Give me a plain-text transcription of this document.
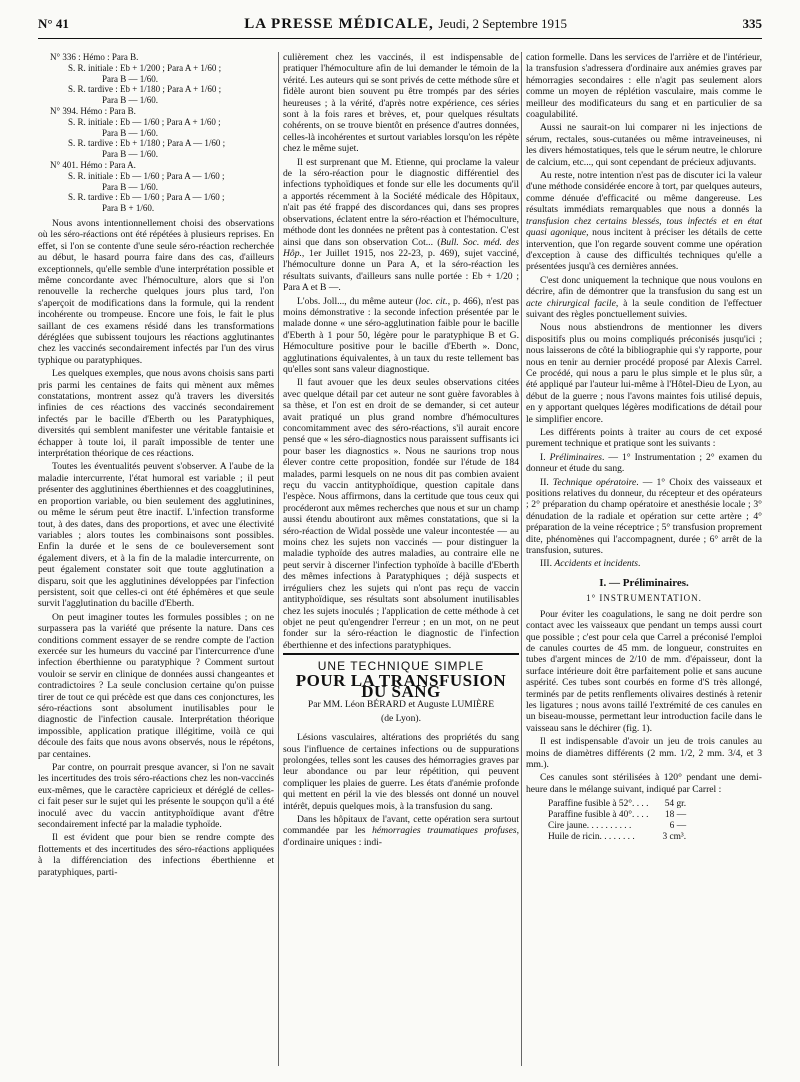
N° 41	LA PRESSE MÉDICALE, Jeudi, 2 Septembre 1915	335
N° 336 : Hémo : Para B.
S. R. initiale : Eb + 1/200 ; Para A + 1/60 ;
Para B — 1/60.
S. R. tardive : Eb + 1/180 ; Para A + 1/60 ;
Para B — 1/60.
N° 394. Hémo : Para B.
S. R. initiale : Eb — 1/60 ; Para A + 1/60 ;
Para B — 1/60.
S. R. tardive : Eb + 1/180 ; Para A — 1/60 ;
Para B — 1/60.
N° 401. Hémo : Para A.
S. R. initiale : Eb — 1/60 ; Para A — 1/60 ;
Para B — 1/60.
S. R. tardive : Eb — 1/60 ; Para A — 1/60 ;
Para B + 1/60.

Nous avons intentionnellement choisi des observations où les séro-réactions ont été répétées à plusieurs reprises. En effet, si l'on se contente d'une seule séro-réaction recherchée au début, le hasard pourra faire dans des cas, d'ailleurs exceptionnels, qu'elle semble d'une interprétation possible et même concordante avec l'hémoculture, alors que si l'on renouvelle la recherche quelques jours plus tard, l'on s'aperçoit de modifications dans la formule, qui la rendent incohérente ou trompeuse. Encore une fois, le fait le plus saillant de ces examens résidé dans les transformations déréglées que subissent toujours les réactions agglutinantes chez les vaccinés secondairement infectés par l'un des virus typhique ou paratyphiques.

Les quelques exemples, que nous avons choisis sans parti pris parmi les centaines de faits qui mènent aux mêmes constatations, montrent assez qu'à travers les diversités infinies de ces réactions des vaccinés secondairement infectés par le bacille d'Eberth ou les Paratyphiques, diversités qui semblent manifester une véritable fantaisie et échapper à toute loi, il paraît impossible de tenter une interprétation théorique de ces réactions.

Toutes les éventualités peuvent s'observer. A l'aube de la maladie intercurrente, l'état humoral est variable ; il peut présenter des agglutinines éberthiennes et des coagglutinines, en proportion variable, ou bien seulement des agglutinines, ou même le sérum peut être inactif. L'infection transforme tout, à des dates, dans des proportions, et avec une électivité variables ; alors toutes les combinaisons sont possibles. Enfin la durée et le sens de ce bouleversement sont également divers, et à la fin de la maladie intercurrente, on peut également constater soit que toute agglutination a disparu, soit que les agglutinines développées par l'infection persistent, soit que celles-ci ont été éphémères et que seule survit l'agglutination du bacille d'Eberth.

On peut imaginer toutes les formules possibles ; on ne surpassera pas la variété que présente la nature. Dans ces conditions comment essayer de se rendre compte de l'action exercée sur les humeurs du vacciné par l'intercurrence d'une infection éberthienne ou paratyphique ? Comment surtout vouloir se servir en clinique de données aussi changeantes et contradictoires ? La seule conclusion certaine qu'on puisse tirer de tout ce qui précède est que dans ces conjonctures, les séro-réactions sont absolument inutilisables pour le diagnostic de l'infection causale. Interprétation théorique impossible, application pratique illégitime, voilà ce qui découle des faits que nous avons observés, nous le répétons, par centaines.

Par contre, on pourrait presque avancer, si l'on ne savait les incertitudes des trois séro-réactions chez les non-vaccinés eux-mêmes, que le caractère capricieux et déréglé de celles-ci fait peser sur le sujet qui les présente le soupçon qu'il a été inoculé avec du vaccin antityphoïdique avant d'être secondairement infecté par la maladie typhoïde.

Il est évident que pour bien se rendre compte des flottements et des incertitudes des séro-réactions appliquées à la différenciation des infections éberthienne et paratyphiques, parti-

culièrement chez les vaccinés, il est indispensable de pratiquer l'hémoculture afin de lui demander le témoin de la vérité. Les auteurs qui se sont privés de cette méthode sûre et fidèle auront bien souvent pu être trompés par des séries heureuses ; à la vérité, d'après notre expérience, ces séries sont à la fois rares et brèves, et, pour quelques résultats cohérents, on se trouve bientôt en présence d'autres données, celles-là incohérentes et surtout variables lorsqu'on les répète chez le même sujet.

Il est surprenant que M. Etienne, qui proclame la valeur de la séro-réaction pour le diagnostic différentiel des infections typhoïdiques et fonde sur elle les documents qu'il a apportés récemment à la Société médicale des Hôpitaux, n'ait pas été frappé des discordances qui, dans ses propres observations, éclatent entre la séro-réaction et l'hémoculture, méthode dont les données ne prêtent pas à contestation. C'est ainsi que dans son observation Cot... (Bull. Soc. méd. des Hôp., 1er Juillet 1915, nos 22-23, p. 469), sujet vacciné, l'hémoculture donne un Para A, et la séro-réaction les résultats suivants, d'ailleurs sans nulle portée : Eb + 1/20 ; Para A et B —.

L'obs. Joll..., du même auteur (loc. cit., p. 466), n'est pas moins démonstrative : la seconde infection présentée par le malade donne « une séro-agglutination faible pour le bacille d'Eberth à 1 pour 50, légère pour le paratyphique B et G. Hémoculture positive pour le bacille d'Eberth ». Donc, agglutinations équivalentes, à un taux du reste tellement bas qu'elles sont sans valeur diagnostique.

Il faut avouer que les deux seules observations citées avec quelque détail par cet auteur ne sont guère favorables à sa thèse, et l'on est en droit de se demander, si cet auteur avait pratiqué un plus grand nombre d'hémocultures concomitamment avec des séro-réactions, s'il aurait encore pensé que « les séro-diagnostics nous paraissent suffisants ici pour baser les diagnostics ». Nous ne saurions trop nous élever contre cette proposition, fondée sur l'étude de 184 malades, parmi lesquels on ne nous dit pas combien avaient reçu du vaccin antityphoïdique, question capitale dans l'espèce. Nous affirmons, dans la certitude que tous ceux qui procéderont aux mêmes recherches que nous et sur un champ aussi étendu aboutiront aux mêmes constatations, que si la séro-réaction de Widal possède une valeur incontestée — au moins chez les sujets non vaccinés — pour distinguer la maladie typhoïde des autres maladies, au contraire elle ne peut servir à discerner l'infection typhoïde à bacille d'Eberth des mêmes infections à Paratyphiques ; déjà suspects et irréguliers chez les sujets qui n'ont pas reçu de vaccin antityphoïdique, ses résultats sont absolument inutilisables chez les sujets inoculés ; l'application de cette méthode à cet objet ne peut qu'engendrer l'erreur ; en un mot, on ne peut fonder sur la séro-réaction le diagnostic de l'infection éberthienne et des infections paratyphiques.

UNE TECHNIQUE SIMPLE
POUR LA TRANSFUSION DU SANG
Par MM. Léon BÉRARD et Auguste LUMIÈRE
(de Lyon).

Lésions vasculaires, altérations des propriétés du sang sous l'influence de certaines infections ou de suppurations prolongées, telles sont les causes des hémorragies graves par leur abondance ou par leur répétition, qui peuvent compliquer les plaies de guerre. Les états d'anémie profonde qui mettent en péril la vie des blessés ont donné un nouvel intérêt, depuis quelques mois, à la transfusion du sang.

Dans les hôpitaux de l'avant, cette opération sera surtout commandée par les hémorragies traumatiques profuses, d'ordinaire uniques : indi-

cation formelle. Dans les services de l'arrière et de l'intérieur, la transfusion s'adressera d'ordinaire aux anémies graves par hémorragies secondaires : elle n'agit pas seulement alors comme un moyen de réplétion vasculaire, mais comme le meilleur des modificateurs du sang et en particulier de sa coagulabilité.

Aussi ne saurait-on lui comparer ni les injections de sérum, rectales, sous-cutanées ou même intraveineuses, ni les divers hémostatiques, tels que le sérum neutre, le chlorure de calcium, etc..., qui sont cependant de précieux adjuvants.

Au reste, notre intention n'est pas de discuter ici la valeur d'une méthode considérée encore à tort, par quelques auteurs, comme dénuée d'efficacité ou même dangereuse. Les résultats immédiats remarquables que nous a donnés la transfusion chez certains blessés, tous infectés et en état quasi agonique, nous incitent à préciser les détails de cette intervention, que l'on regarde souvent comme une opération d'exception à cause des difficultés techniques qu'elle a présentées jusqu'à ces dernières années.

C'est donc uniquement la technique que nous voulons en décrire, afin de démontrer que la transfusion du sang est un acte chirurgical facile, à la seule condition de l'effectuer suivant des règles ponctuellement suivies.

Nous nous abstiendrons de mentionner les divers dispositifs plus ou moins compliqués préconisés jusqu'ici ; nous laisserons de côté la bibliographie qui s'y rapporte, pour nous en tenir au dernier procédé proposé par Alexis Carrel. Ce procédé, qui nous a paru le plus simple et le plus sûr, a été appliqué par l'auteur lui-même à l'Hôtel-Dieu de Lyon, au début de la guerre ; nous l'avons maintes fois utilisé depuis, en y apportant quelques légères modifications de détail pour le simplifier encore.

Les différents points à traiter au cours de cet exposé purement technique et pratique sont les suivants :

I. Préliminaires. — 1° Instrumentation ; 2° examen du donneur et étude du sang.

II. Technique opératoire. — 1° Choix des vaisseaux et positions relatives du donneur, du récepteur et des opérateurs ; 2° préparation du champ opératoire et anesthésie locale ; 3° dénudation de la radiale et opération sur cette artère ; 4° préparation de la veine réceptrice ; 5° transfusion proprement dite, phénomènes qui l'accompagnent, durée ; 6° arrêt de la transfusion, sutures.

III. Accidents et incidents.

I. — Préliminaires.
1° INSTRUMENTATION.

Pour éviter les coagulations, le sang ne doit perdre son contact avec les vaisseaux que pendant un temps aussi court que possible ; c'est pour cela que Carrel a préconisé l'emploi de canules courtes de 45 mm. de longueur, construites en tubes d'argent minces de 2/10 de mm. d'épaisseur, dont la surface intérieure doit être parfaitement polie et sans aucune aspérité. Ces tubes sont courbés en forme d'S très allongé, terminés par de petits renflements olivaires destinés à retenir les ligatures ; nous avons taillé l'extrémité de ces canules en un biseau-mousse, permettant leur introduction facile dans le vaisseau sans le déchirer (fig. 1).

Il est indispensable d'avoir un jeu de trois canules au moins de diamètres différents (2 mm. 1/2, 2 mm. 3/4, et 3 mm.).

Ces canules sont stérilisées à 120° pendant une demi-heure dans le mélange suivant, indiqué par Carrel :

Paraffine fusible à 52°. . . .	54 gr.
Paraffine fusible à 40°. . . .	18 —
Cire jaune. . . . . . . . . .	6 —
Huile de ricin. . . . . . . .	3 cm³.
